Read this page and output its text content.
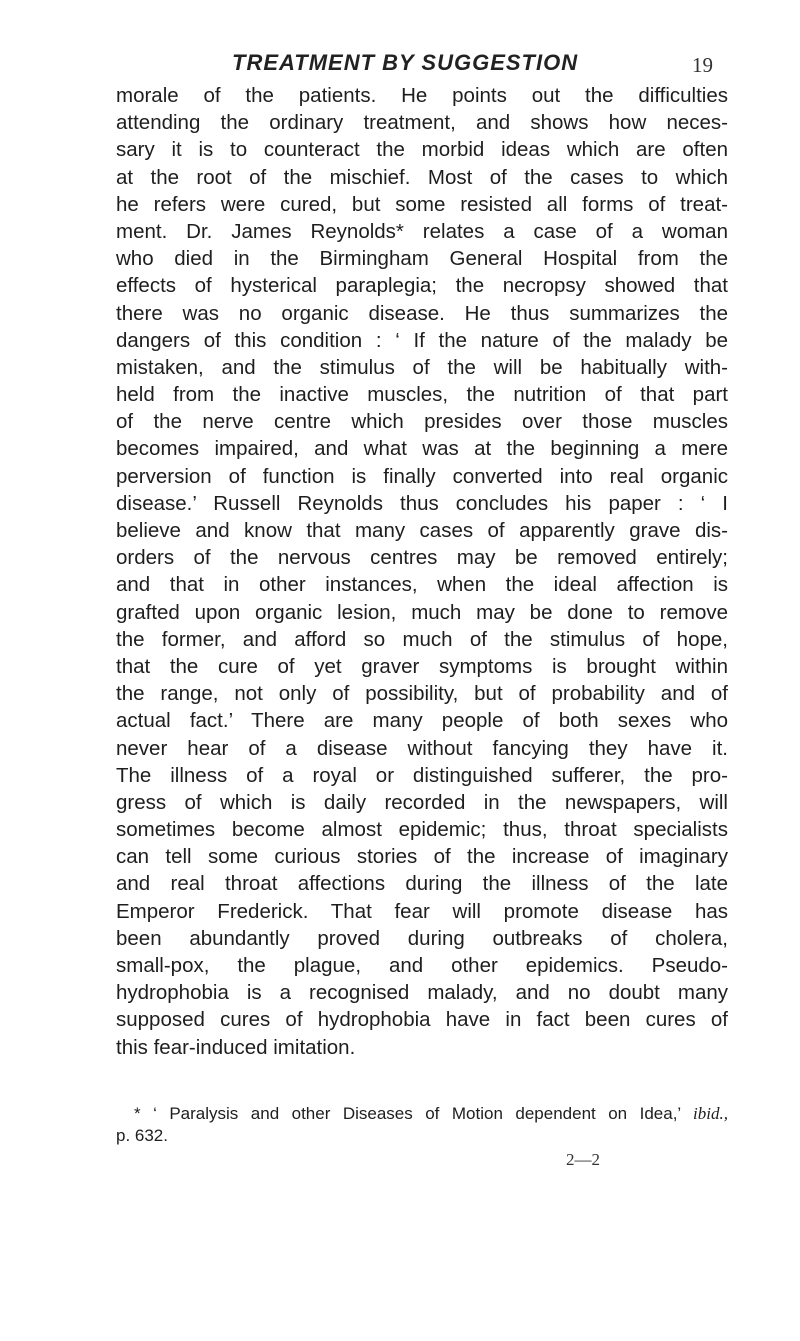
TREATMENT BY SUGGESTION	19
morale of the patients. He points out the difficulties
attending the ordinary treatment, and shows how neces-
sary it is to counteract the morbid ideas which are often
at the root of the mischief. Most of the cases to which
he refers were cured, but some resisted all forms of treat-
ment. Dr. James Reynolds* relates a case of a woman
who died in the Birmingham General Hospital from the
effects of hysterical paraplegia; the necropsy showed that
there was no organic disease. He thus summarizes the
dangers of this condition : ‘ If the nature of the malady be
mistaken, and the stimulus of the will be habitually with-
held from the inactive muscles, the nutrition of that part
of the nerve centre which presides over those muscles
becomes impaired, and what was at the beginning a mere
perversion of function is finally converted into real organic
disease.’ Russell Reynolds thus concludes his paper : ‘ I
believe and know that many cases of apparently grave dis-
orders of the nervous centres may be removed entirely;
and that in other instances, when the ideal affection is
grafted upon organic lesion, much may be done to remove
the former, and afford so much of the stimulus of hope,
that the cure of yet graver symptoms is brought within
the range, not only of possibility, but of probability and of
actual fact.’ There are many people of both sexes who
never hear of a disease without fancying they have it.
The illness of a royal or distinguished sufferer, the pro-
gress of which is daily recorded in the newspapers, will
sometimes become almost epidemic; thus, throat specialists
can tell some curious stories of the increase of imaginary
and real throat affections during the illness of the late
Emperor Frederick. That fear will promote disease has
been abundantly proved during outbreaks of cholera,
small-pox, the plague, and other epidemics. Pseudo-
hydrophobia is a recognised malady, and no doubt many
supposed cures of hydrophobia have in fact been cures of
this fear-induced imitation.
* ‘ Paralysis and other Diseases of Motion dependent on Idea,’ ibid.,
p. 632.
2—2
